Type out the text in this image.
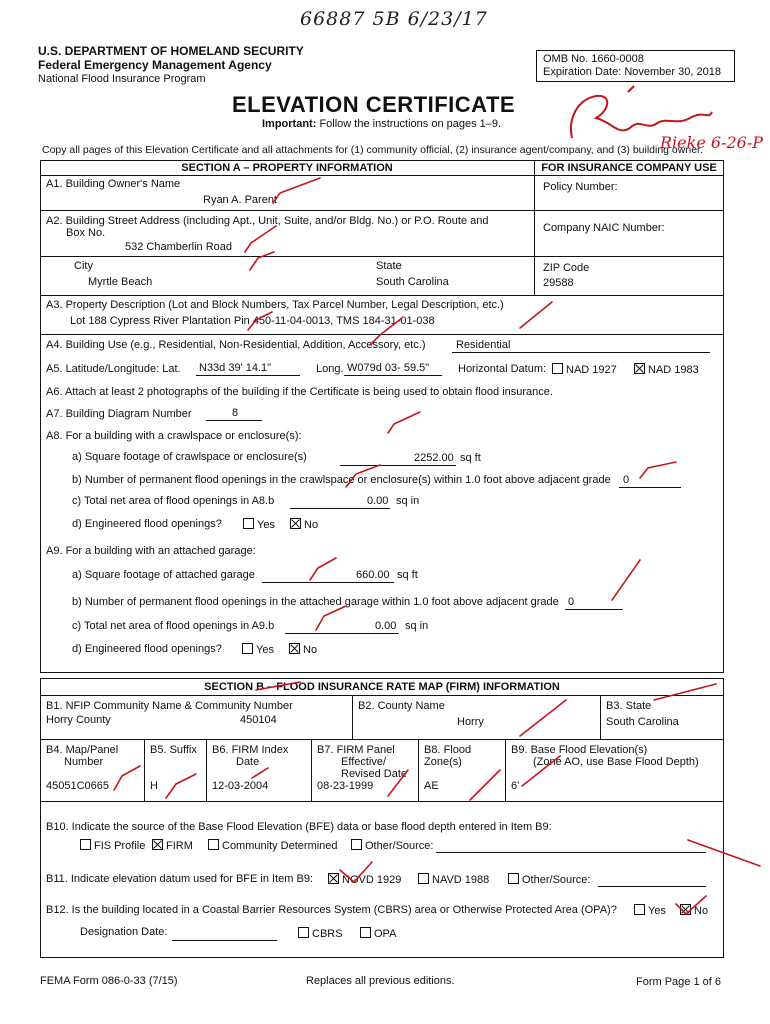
66887 5B 6/23/17
U.S. DEPARTMENT OF HOMELAND SECURITY
Federal Emergency Management Agency
National Flood Insurance Program
OMB No. 1660-0008
Expiration Date: November 30, 2018
ELEVATION CERTIFICATE
Important: Follow the instructions on pages 1–9.
Copy all pages of this Elevation Certificate and all attachments for (1) community official, (2) insurance agent/company, and (3) building owner.
SECTION A – PROPERTY INFORMATION	FOR INSURANCE COMPANY USE
A1. Building Owner's Name
Ryan A. Parent
Policy Number:
A2. Building Street Address (including Apt., Unit, Suite, and/or Bldg. No.) or P.O. Route and
Box No.
532 Chamberlin Road
Company NAIC Number:
City
Myrtle Beach
State
South Carolina
ZIP Code
29588
A3. Property Description (Lot and Block Numbers, Tax Parcel Number, Legal Description, etc.)
Lot 188 Cypress River Plantation Pin 450-11-04-0013, TMS 184-31-01-038
A4. Building Use (e.g., Residential, Non-Residential, Addition, Accessory, etc.)	Residential
A5. Latitude/Longitude: Lat. N33d 39' 14.1"	Long. W079d 03- 59.5"	Horizontal Datum:	NAD 1927	NAD 1983
A6. Attach at least 2 photographs of the building if the Certificate is being used to obtain flood insurance.
A7. Building Diagram Number	8
A8. For a building with a crawlspace or enclosure(s):
a) Square footage of crawlspace or enclosure(s)	2252.00 sq ft
b) Number of permanent flood openings in the crawlspace or enclosure(s) within 1.0 foot above adjacent grade 0
c) Total net area of flood openings in A8.b	0.00 sq in
d) Engineered flood openings?	Yes	No
A9. For a building with an attached garage:
a) Square footage of attached garage	660.00 sq ft
b) Number of permanent flood openings in the attached garage within 1.0 foot above adjacent grade 0
c) Total net area of flood openings in A9.b	0.00 sq in
d) Engineered flood openings?	Yes	No
SECTION B – FLOOD INSURANCE RATE MAP (FIRM) INFORMATION
B1. NFIP Community Name & Community Number
Horry County	450104
B2. County Name
Horry
B3. State
South Carolina
B4. Map/Panel
Number
45051C0665
B5. Suffix
H
B6. FIRM Index
Date
12-03-2004
B7. FIRM Panel
Effective/
Revised Date
08-23-1999
B8. Flood
Zone(s)
AE
B9. Base Flood Elevation(s)
(Zone AO, use Base Flood Depth)
6'
B10. Indicate the source of the Base Flood Elevation (BFE) data or base flood depth entered in Item B9:
FIS Profile	FIRM	Community Determined	Other/Source:
B11. Indicate elevation datum used for BFE in Item B9:	NGVD 1929	NAVD 1988	Other/Source:
B12. Is the building located in a Coastal Barrier Resources System (CBRS) area or Otherwise Protected Area (OPA)?	Yes	No
Designation Date:	CBRS	OPA
FEMA Form 086-0-33 (7/15)	Replaces all previous editions.	Form Page 1 of 6
Rieke 6-26-P
